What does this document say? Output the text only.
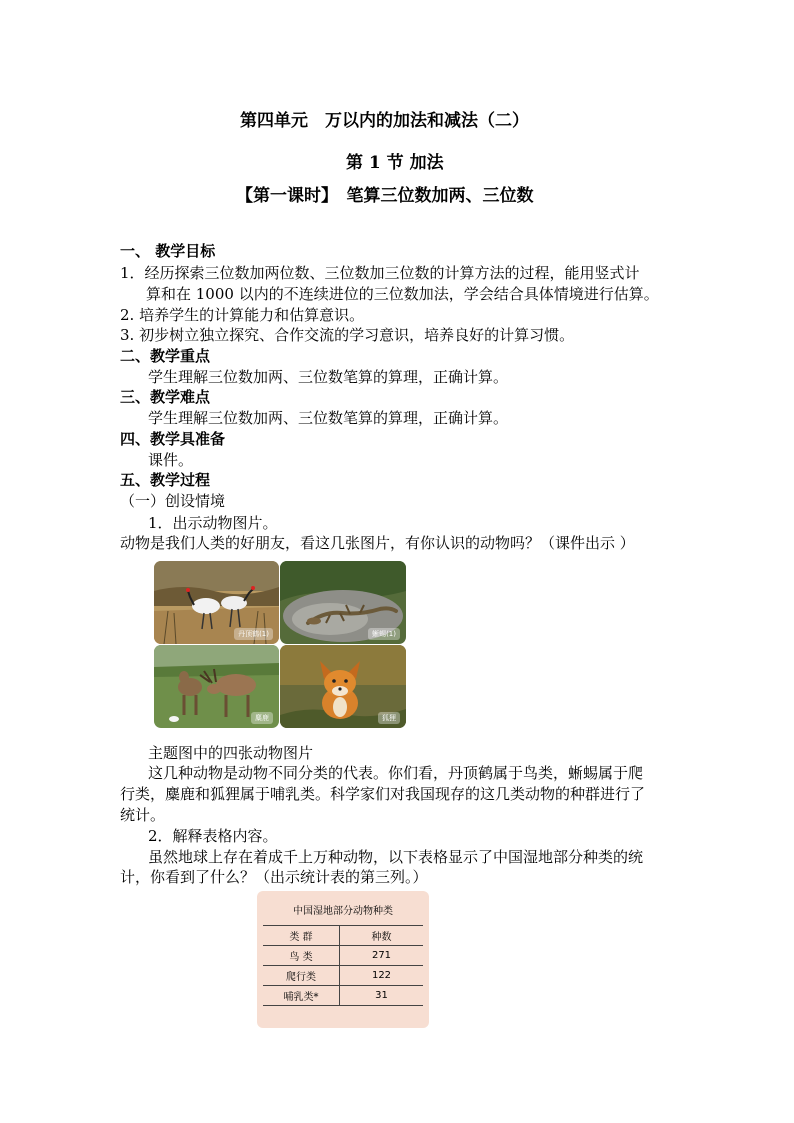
第四单元　万以内的加法和减法（二）
第 1 节 加法
【第一课时】　笔算三位数加两、三位数
一、 教学目标
1．经历探索三位数加两位数、三位数加三位数的计算方法的过程，能用竖式计
算和在 1000 以内的不连续进位的三位数加法，学会结合具体情境进行估算。
2. 培养学生的计算能力和估算意识。
3. 初步树立独立探究、合作交流的学习意识，培养良好的计算习惯。
二、教学重点
学生理解三位数加两、三位数笔算的算理，正确计算。
三、教学难点
学生理解三位数加两、三位数笔算的算理，正确计算。
四、教学具准备
课件。
五、教学过程
（一）创设情境
1．出示动物图片。
动物是我们人类的好朋友，看这几张图片，有你认识的动物吗？（课件出示 ）
丹顶鹤(1)	蜥蜴(1)
麋鹿	狐狸
主题图中的四张动物图片
这几种动物是动物不同分类的代表。你们看，丹顶鹤属于鸟类，蜥蜴属于爬
行类，麋鹿和狐狸属于哺乳类。科学家们对我国现存的这几类动物的种群进行了
统计。
2．解释表格内容。
虽然地球上存在着成千上万种动物，以下表格显示了中国湿地部分种类的统
计，你看到了什么？（出示统计表的第三列。）
中国湿地部分动物种类
类 群	种数
鸟 类	271
爬行类	122
哺乳类*	31
